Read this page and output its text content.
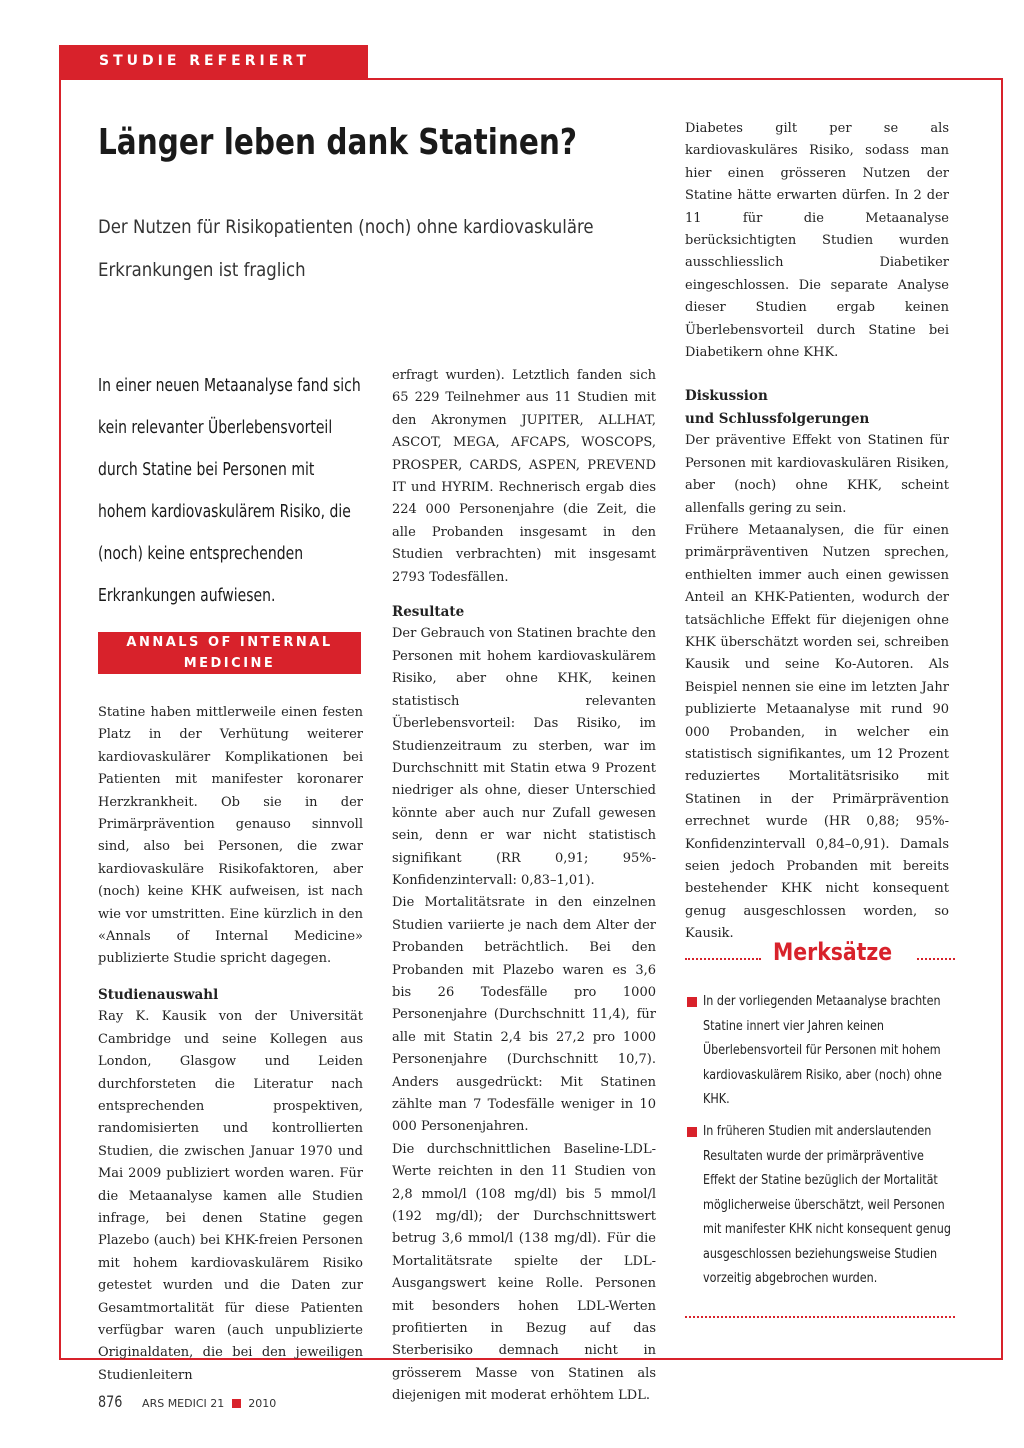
STUDIE REFERIERT
Länger leben dank Statinen?
Der Nutzen für Risikopatienten (noch) ohne kardiovaskuläre Erkrankungen ist fraglich
In einer neuen Metaanalyse fand sich kein relevanter Überlebensvorteil durch Statine bei Personen mit hohem kardiovaskulärem Risiko, die (noch) keine entsprechenden Erkrankungen aufwiesen.
ANNALS OF INTERNAL MEDICINE

Statine haben mittlerweile einen festen Platz in der Verhütung weiterer kardiovaskulärer Komplikationen bei Patienten mit manifester koronarer Herzkrankheit. Ob sie in der Primärprävention genauso sinnvoll sind, also bei Personen, die zwar kardiovaskuläre Risikofaktoren, aber (noch) keine KHK aufweisen, ist nach wie vor umstritten. Eine kürzlich in den «Annals of Internal Medicine» publizierte Studie spricht dagegen.

Studienauswahl

Ray K. Kausik von der Universität Cambridge und seine Kollegen aus London, Glasgow und Leiden durchforsteten die Literatur nach entsprechenden prospektiven, randomisierten und kontrollierten Studien, die zwischen Januar 1970 und Mai 2009 publiziert worden waren. Für die Metaanalyse kamen alle Studien infrage, bei denen Statine gegen Plazebo (auch) bei KHK-freien Personen mit hohem kardiovaskulärem Risiko getestet wurden und die Daten zur Gesamtmortalität für diese Patienten verfügbar waren (auch unpublizierte Originaldaten, die bei den jeweiligen Studienleitern

erfragt wurden). Letztlich fanden sich 65 229 Teilnehmer aus 11 Studien mit den Akronymen JUPITER, ALLHAT, ASCOT, MEGA, AFCAPS, WOSCOPS, PROSPER, CARDS, ASPEN, PREVEND IT und HYRIM. Rechnerisch ergab dies 224 000 Personenjahre (die Zeit, die alle Probanden insgesamt in den Studien verbrachten) mit insgesamt 2793 Todesfällen.

Resultate

Der Gebrauch von Statinen brachte den Personen mit hohem kardiovaskulärem Risiko, aber ohne KHK, keinen statistisch relevanten Überlebensvorteil: Das Risiko, im Studienzeitraum zu sterben, war im Durchschnitt mit Statin etwa 9 Prozent niedriger als ohne, dieser Unterschied könnte aber auch nur Zufall gewesen sein, denn er war nicht statistisch signifikant (RR 0,91; 95%-Konfidenzintervall: 0,83–1,01).

Die Mortalitätsrate in den einzelnen Studien variierte je nach dem Alter der Probanden beträchtlich. Bei den Probanden mit Plazebo waren es 3,6 bis 26 Todesfälle pro 1000 Personenjahre (Durchschnitt 11,4), für alle mit Statin 2,4 bis 27,2 pro 1000 Personenjahre (Durchschnitt 10,7). Anders ausgedrückt: Mit Statinen zählte man 7 Todesfälle weniger in 10 000 Personenjahren.

Die durchschnittlichen Baseline-LDL-Werte reichten in den 11 Studien von 2,8 mmol/l (108 mg/dl) bis 5 mmol/l (192 mg/dl); der Durchschnittswert betrug 3,6 mmol/l (138 mg/dl). Für die Mortalitätsrate spielte der LDL-Ausgangswert keine Rolle. Personen mit besonders hohen LDL-Werten profitierten in Bezug auf das Sterberisiko demnach nicht in grösserem Masse von Statinen als diejenigen mit moderat erhöhtem LDL.

Diabetes gilt per se als kardiovaskuläres Risiko, sodass man hier einen grösseren Nutzen der Statine hätte erwarten dürfen. In 2 der 11 für die Metaanalyse berücksichtigten Studien wurden ausschliesslich Diabetiker eingeschlossen. Die separate Analyse dieser Studien ergab keinen Überlebensvorteil durch Statine bei Diabetikern ohne KHK.

Diskussion
und Schlussfolgerungen

Der präventive Effekt von Statinen für Personen mit kardiovaskulären Risiken, aber (noch) ohne KHK, scheint allenfalls gering zu sein.

Frühere Metaanalysen, die für einen primärpräventiven Nutzen sprechen, enthielten immer auch einen gewissen Anteil an KHK-Patienten, wodurch der tatsächliche Effekt für diejenigen ohne KHK überschätzt worden sei, schreiben Kausik und seine Ko-Autoren. Als Beispiel nennen sie eine im letzten Jahr publizierte Metaanalyse mit rund 90 000 Probanden, in welcher ein statistisch signifikantes, um 12 Prozent reduziertes Mortalitätsrisiko mit Statinen in der Primärprävention errechnet wurde (HR 0,88; 95%-Konfidenzintervall 0,84–0,91). Damals seien jedoch Probanden mit bereits bestehender KHK nicht konsequent genug ausgeschlossen worden, so Kausik.

Merksätze
In der vorliegenden Metaanalyse brachten Statine innert vier Jahren keinen Überlebensvorteil für Personen mit hohem kardiovaskulärem Risiko, aber (noch) ohne KHK.
In früheren Studien mit anderslautenden Resultaten wurde der primärpräventive Effekt der Statine bezüglich der Mortalität möglicherweise überschätzt, weil Personen mit manifester KHK nicht konsequent genug ausgeschlossen beziehungsweise Studien vorzeitig abgebrochen wurden.
876 ARS MEDICI 21 2010
